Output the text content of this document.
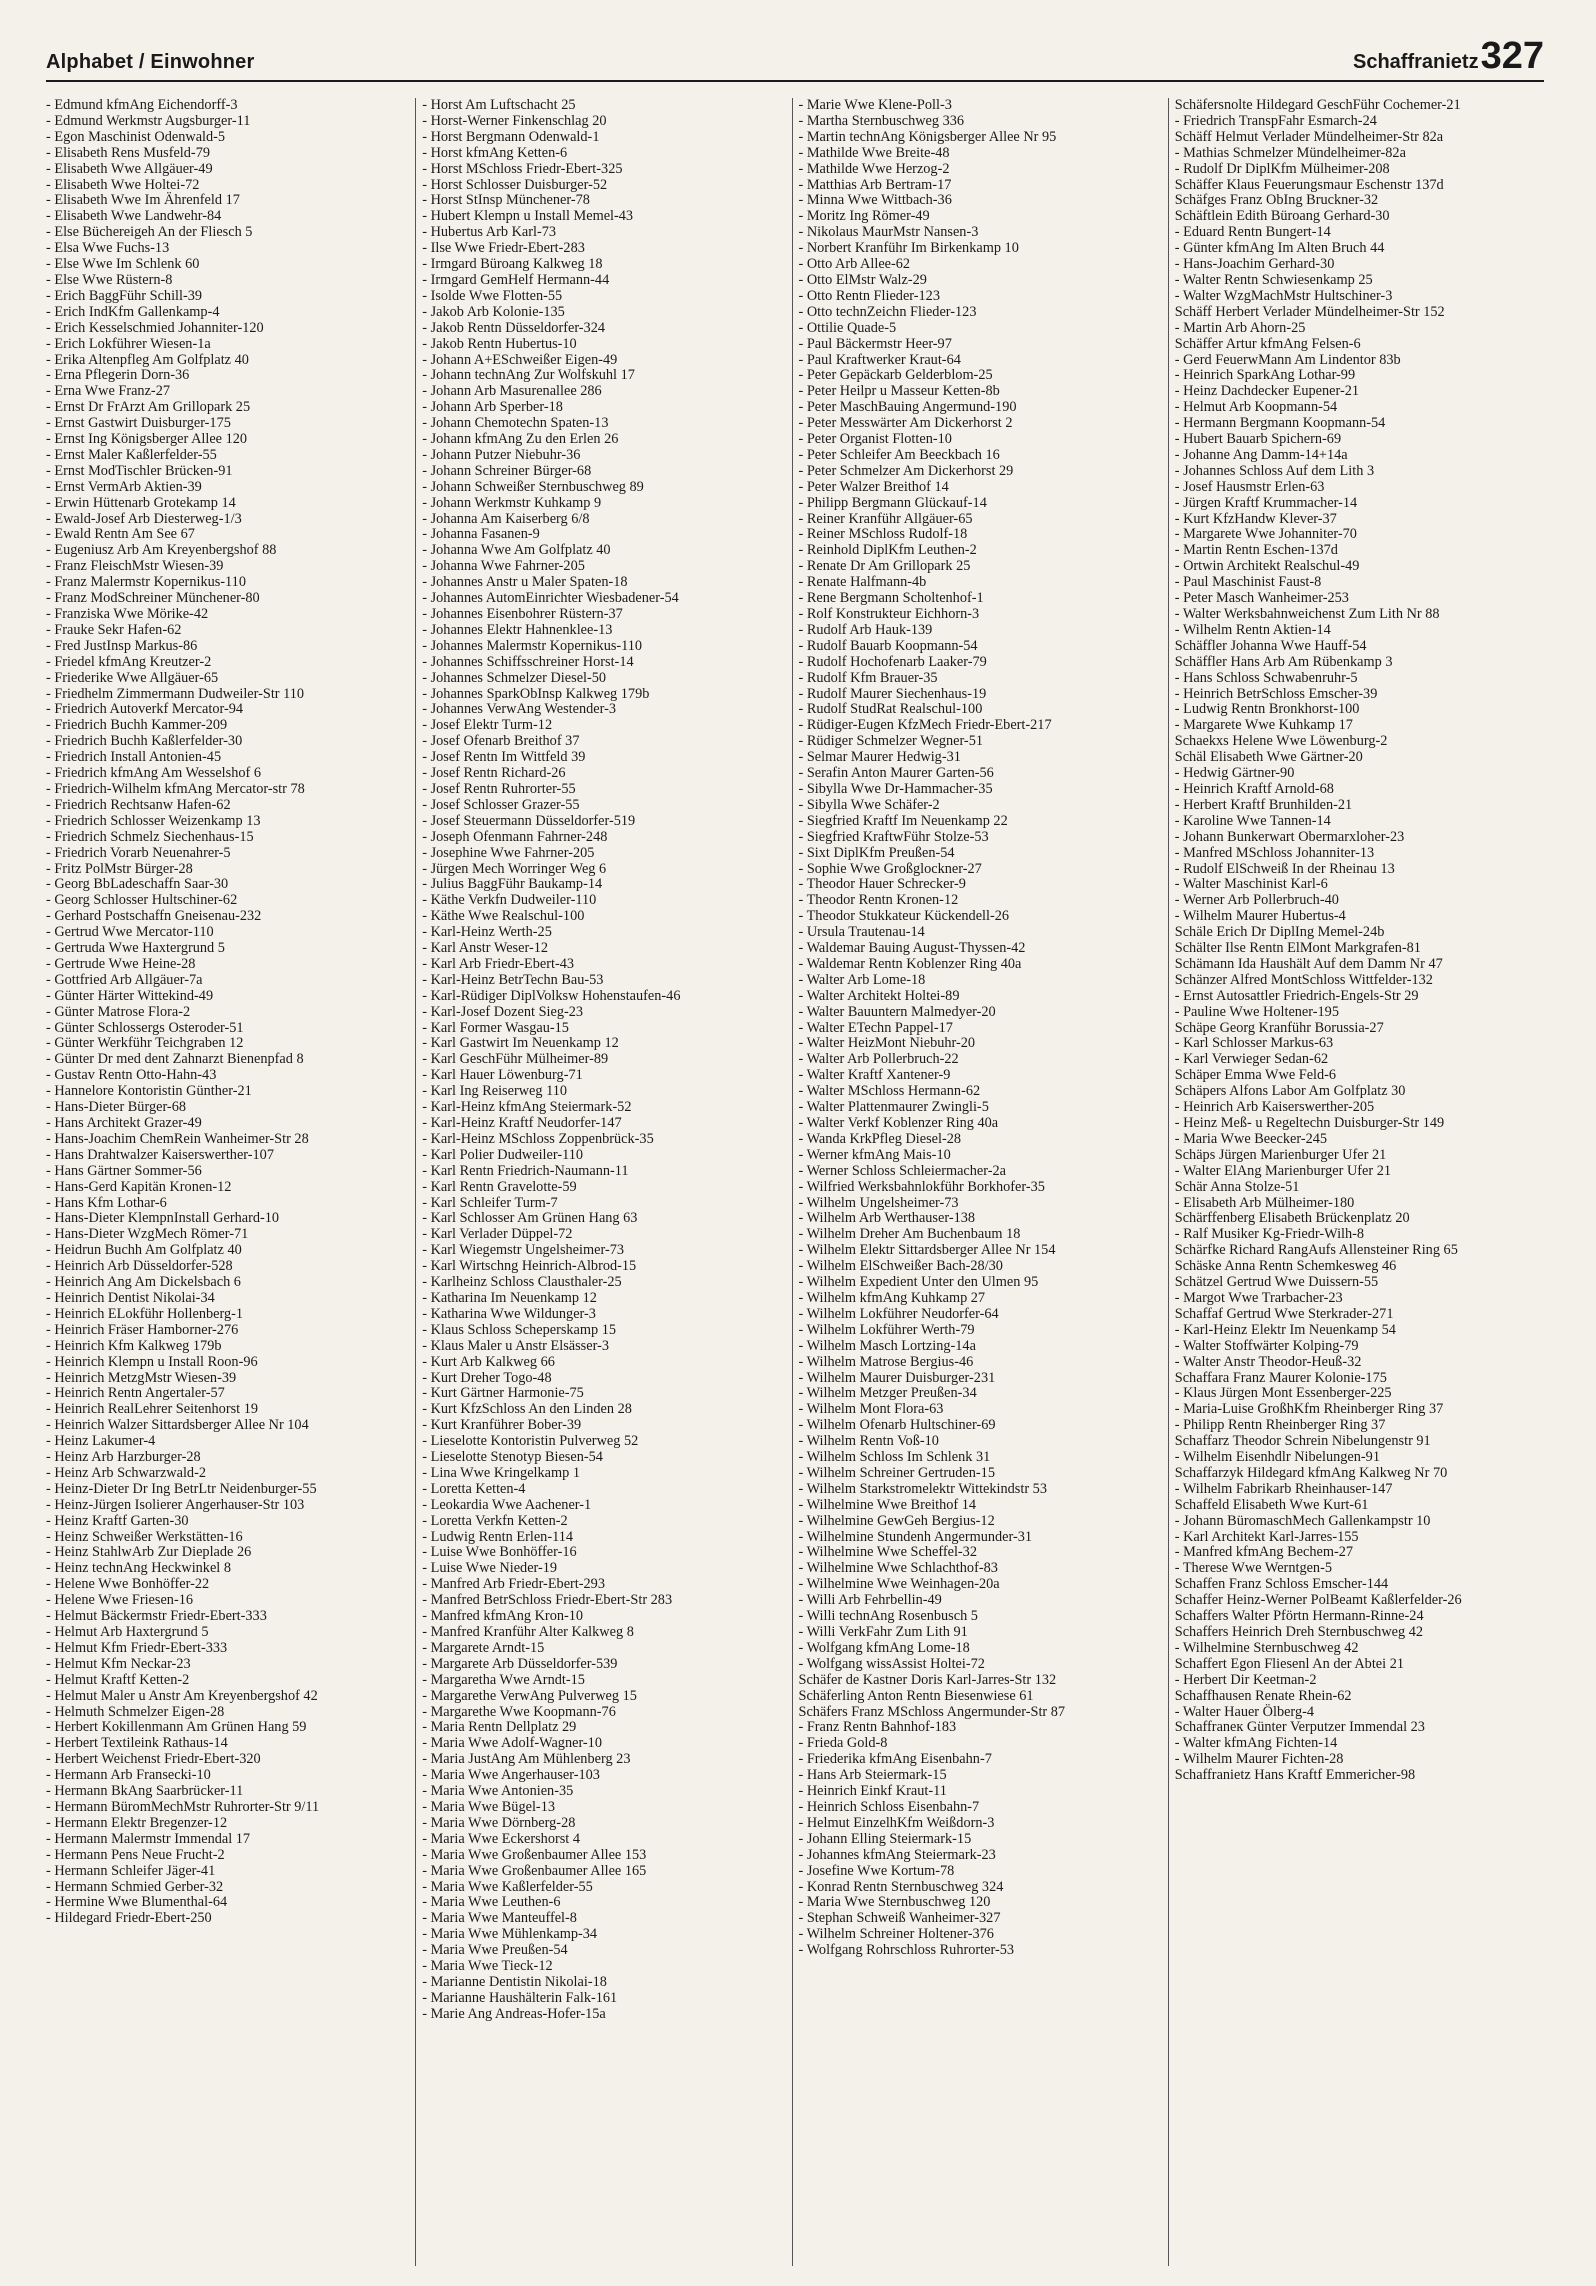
Alphabet / Einwohner	Schaffranietz327
- Edmund kfmAng Eichendorff-3
- Edmund Werkmstr Augsburger-11
- Egon Maschinist Odenwald-5
- Elisabeth Rens Musfeld-79
- Elisabeth Wwe Allgäuer-49
- Elisabeth Wwe Holtei-72
- Elisabeth Wwe Im Ährenfeld 17
- Elisabeth Wwe Landwehr-84
- Else Büchereigeh An der Fliesch 5
- Elsa Wwe Fuchs-13
- Else Wwe Im Schlenk 60
- Else Wwe Rüstern-8
- Erich BaggFühr Schill-39
- Erich IndKfm Gallenkamp-4
- Erich Kesselschmied Johanniter-120
- Erich Lokführer Wiesen-1a
- Erika Altenpfleg Am Golfplatz 40
- Erna Pflegerin Dorn-36
- Erna Wwe Franz-27
- Ernst Dr FrArzt Am Grillopark 25
- Ernst Gastwirt Duisburger-175
- Ernst Ing Königsberger Allee 120
- Ernst Maler Kaßlerfelder-55
- Ernst ModTischler Brücken-91
- Ernst VermArb Aktien-39
- Erwin Hüttenarb Grotekamp 14
- Ewald-Josef Arb Diesterweg-1/3
- Ewald Rentn Am See 67
- Eugeniusz Arb Am Kreyenbergshof 88
- Franz FleischMstr Wiesen-39
- Franz Malermstr Kopernikus-110
- Franz ModSchreiner Münchener-80
- Franziska Wwe Mörike-42
- Frauke Sekr Hafen-62
- Fred JustInsp Markus-86
- Friedel kfmAng Kreutzer-2
- Friederike Wwe Allgäuer-65
- Friedhelm Zimmermann Dudweiler-Str 110
- Friedrich Autoverkf Mercator-94
- Friedrich Buchh Kammer-209
- Friedrich Buchh Kaßlerfelder-30
- Friedrich Install Antonien-45
- Friedrich kfmAng Am Wesselshof 6
- Friedrich-Wilhelm kfmAng Mercator-str 78
- Friedrich Rechtsanw Hafen-62
- Friedrich Schlosser Weizenkamp 13
- Friedrich Schmelz Siechenhaus-15
- Friedrich Vorarb Neuenahrer-5
- Fritz PolMstr Bürger-28
- Georg BbLadeschaffn Saar-30
- Georg Schlosser Hultschiner-62
- Gerhard Postschaffn Gneisenau-232
- Gertrud Wwe Mercator-110
- Gertruda Wwe Haxtergrund 5
- Gertrude Wwe Heine-28
- Gottfried Arb Allgäuer-7a
- Günter Härter Wittekind-49
- Günter Matrose Flora-2
- Günter Schlossergs Osteroder-51
- Günter Werkführ Teichgraben 12
- Günter Dr med dent Zahnarzt Bienenpfad 8
- Gustav Rentn Otto-Hahn-43
- Hannelore Kontoristin Günther-21
- Hans-Dieter Bürger-68
- Hans Architekt Grazer-49
- Hans-Joachim ChemRein Wanheimer-Str 28
- Hans Drahtwalzer Kaiserswerther-107
- Hans Gärtner Sommer-56
- Hans-Gerd Kapitän Kronen-12
- Hans Kfm Lothar-6
- Hans-Dieter KlempnInstall Gerhard-10
- Hans-Dieter WzgMech Römer-71
- Heidrun Buchh Am Golfplatz 40
- Heinrich Arb Düsseldorfer-528
- Heinrich Ang Am Dickelsbach 6
- Heinrich Dentist Nikolai-34
- Heinrich ELokführ Hollenberg-1
- Heinrich Fräser Hamborner-276
- Heinrich Kfm Kalkweg 179b
- Heinrich Klempn u Install Roon-96
- Heinrich MetzgMstr Wiesen-39
- Heinrich Rentn Angertaler-57
- Heinrich RealLehrer Seitenhorst 19
- Heinrich Walzer Sittardsberger Allee Nr 104
- Heinz Lakumer-4
- Heinz Arb Harzburger-28
- Heinz Arb Schwarzwald-2
- Heinz-Dieter Dr Ing BetrLtr Neidenburger-55
- Heinz-Jürgen Isolierer Angerhauser-Str 103
- Heinz Kraftf Garten-30
- Heinz Schweißer Werkstätten-16
- Heinz StahlwArb Zur Dieplade 26
- Heinz technAng Heckwinkel 8
- Helene Wwe Bonhöffer-22
- Helene Wwe Friesen-16
- Helmut Bäckermstr Friedr-Ebert-333
- Helmut Arb Haxtergrund 5
- Helmut Kfm Friedr-Ebert-333
- Helmut Kfm Neckar-23
- Helmut Kraftf Ketten-2
- Helmut Maler u Anstr Am Kreyenbergshof 42
- Helmuth Schmelzer Eigen-28
- Herbert Kokillenmann Am Grünen Hang 59
- Herbert Textileink Rathaus-14
- Herbert Weichenst Friedr-Ebert-320
- Hermann Arb Fransecki-10
- Hermann BkAng Saarbrücker-11
- Hermann BüromMechMstr Ruhrorter-Str 9/11
- Hermann Elektr Bregenzer-12
- Hermann Malermstr Immendal 17
- Hermann Pens Neue Frucht-2
- Hermann Schleifer Jäger-41
- Hermann Schmied Gerber-32
- Hermine Wwe Blumenthal-64
- Hildegard Friedr-Ebert-250
- Horst Am Luftschacht 25
- Horst-Werner Finkenschlag 20
- Horst Bergmann Odenwald-1
- Horst kfmAng Ketten-6
- Horst MSchloss Friedr-Ebert-325
- Horst Schlosser Duisburger-52
- Horst StInsp Münchener-78
- Hubert Klempn u Install Memel-43
- Hubertus Arb Karl-73
- Ilse Wwe Friedr-Ebert-283
- Irmgard Büroang Kalkweg 18
- Irmgard GemHelf Hermann-44
- Isolde Wwe Flotten-55
- Jakob Arb Kolonie-135
- Jakob Rentn Düsseldorfer-324
- Jakob Rentn Hubertus-10
- Johann A+ESchweißer Eigen-49
- Johann technAng Zur Wolfskuhl 17
- Johann Arb Masurenallee 286
- Johann Arb Sperber-18
- Johann Chemotechn Spaten-13
- Johann kfmAng Zu den Erlen 26
- Johann Putzer Niebuhr-36
- Johann Schreiner Bürger-68
- Johann Schweißer Sternbuschweg 89
- Johann Werkmstr Kuhkamp 9
- Johanna Am Kaiserberg 6/8
- Johanna Fasanen-9
- Johanna Wwe Am Golfplatz 40
- Johanna Wwe Fahrner-205
- Johannes Anstr u Maler Spaten-18
- Johannes AutomEinrichter Wiesbadener-54
- Johannes Eisenbohrer Rüstern-37
- Johannes Elektr Hahnenklee-13
- Johannes Malermstr Kopernikus-110
- Johannes Schiffsschreiner Horst-14
- Johannes Schmelzer Diesel-50
- Johannes SparkObInsp Kalkweg 179b
- Johannes VerwAng Westender-3
- Josef Elektr Turm-12
- Josef Ofenarb Breithof 37
- Josef Rentn Im Wittfeld 39
- Josef Rentn Richard-26
- Josef Rentn Ruhrorter-55
- Josef Schlosser Grazer-55
- Josef Steuermann Düsseldorfer-519
- Joseph Ofenmann Fahrner-248
- Josephine Wwe Fahrner-205
- Jürgen Mech Worringer Weg 6
- Julius BaggFühr Baukamp-14
- Käthe Verkfn Dudweiler-110
- Käthe Wwe Realschul-100
- Karl-Heinz Werth-25
- Karl Anstr Weser-12
- Karl Arb Friedr-Ebert-43
- Karl-Heinz BetrTechn Bau-53
- Karl-Rüdiger DiplVolksw Hohenstaufen-46
- Karl-Josef Dozent Sieg-23
- Karl Former Wasgau-15
- Karl Gastwirt Im Neuenkamp 12
- Karl GeschFühr Mülheimer-89
- Karl Hauer Löwenburg-71
- Karl Ing Reiserweg 110
- Karl-Heinz kfmAng Steiermark-52
- Karl-Heinz Kraftf Neudorfer-147
- Karl-Heinz MSchloss Zoppenbrück-35
- Karl Polier Dudweiler-110
- Karl Rentn Friedrich-Naumann-11
- Karl Rentn Gravelotte-59
- Karl Schleifer Turm-7
- Karl Schlosser Am Grünen Hang 63
- Karl Verlader Düppel-72
- Karl Wiegemstr Ungelsheimer-73
- Karl Wirtschng Heinrich-Albrod-15
- Karlheinz Schloss Clausthaler-25
- Katharina Im Neuenkamp 12
- Katharina Wwe Wildunger-3
- Klaus Schloss Scheperskamp 15
- Klaus Maler u Anstr Elsässer-3
- Kurt Arb Kalkweg 66
- Kurt Dreher Togo-48
- Kurt Gärtner Harmonie-75
- Kurt KfzSchloss An den Linden 28
- Kurt Kranführer Bober-39
- Lieselotte Kontoristin Pulverweg 52
- Lieselotte Stenotyp Biesen-54
- Lina Wwe Kringelkamp 1
- Loretta Ketten-4
- Leokardia Wwe Aachener-1
- Loretta Verkfn Ketten-2
- Ludwig Rentn Erlen-114
- Luise Wwe Bonhöffer-16
- Luise Wwe Nieder-19
- Manfred Arb Friedr-Ebert-293
- Manfred BetrSchloss Friedr-Ebert-Str 283
- Manfred kfmAng Kron-10
- Manfred Kranführ Alter Kalkweg 8
- Margarete Arndt-15
- Margarete Arb Düsseldorfer-539
- Margaretha Wwe Arndt-15
- Margarethe VerwAng Pulverweg 15
- Margarethe Wwe Koopmann-76
- Maria Rentn Dellplatz 29
- Maria Wwe Adolf-Wagner-10
- Maria JustAng Am Mühlenberg 23
- Maria Wwe Angerhauser-103
- Maria Wwe Antonien-35
- Maria Wwe Bügel-13
- Maria Wwe Dörnberg-28
- Maria Wwe Eckershorst 4
- Maria Wwe Großenbaumer Allee 153
- Maria Wwe Großenbaumer Allee 165
- Maria Wwe Kaßlerfelder-55
- Maria Wwe Leuthen-6
- Maria Wwe Manteuffel-8
- Maria Wwe Mühlenkamp-34
- Maria Wwe Preußen-54
- Maria Wwe Tieck-12
- Marianne Dentistin Nikolai-18
- Marianne Haushälterin Falk-161
- Marie Ang Andreas-Hofer-15a
- Marie Wwe Klene-Poll-3
- Martha Sternbuschweg 336
- Martin technAng Königsberger Allee Nr 95
- Mathilde Wwe Breite-48
- Mathilde Wwe Herzog-2
- Matthias Arb Bertram-17
- Minna Wwe Wittbach-36
- Moritz Ing Römer-49
- Nikolaus MaurMstr Nansen-3
- Norbert Kranführ Im Birkenkamp 10
- Otto Arb Allee-62
- Otto ElMstr Walz-29
- Otto Rentn Flieder-123
- Otto technZeichn Flieder-123
- Ottilie Quade-5
- Paul Bäckermstr Heer-97
- Paul Kraftwerker Kraut-64
- Peter Gepäckarb Gelderblom-25
- Peter Heilpr u Masseur Ketten-8b
- Peter MaschBauing Angermund-190
- Peter Messwärter Am Dickerhorst 2
- Peter Organist Flotten-10
- Peter Schleifer Am Beeckbach 16
- Peter Schmelzer Am Dickerhorst 29
- Peter Walzer Breithof 14
- Philipp Bergmann Glückauf-14
- Reiner Kranführ Allgäuer-65
- Reiner MSchloss Rudolf-18
- Reinhold DiplKfm Leuthen-2
- Renate Dr Am Grillopark 25
- Renate Halfmann-4b
- Rene Bergmann Scholtenhof-1
- Rolf Konstrukteur Eichhorn-3
- Rudolf Arb Hauk-139
- Rudolf Bauarb Koopmann-54
- Rudolf Hochofenarb Laaker-79
- Rudolf Kfm Brauer-35
- Rudolf Maurer Siechenhaus-19
- Rudolf StudRat Realschul-100
- Rüdiger-Eugen KfzMech Friedr-Ebert-217
- Rüdiger Schmelzer Wegner-51
- Selmar Maurer Hedwig-31
- Serafin Anton Maurer Garten-56
- Sibylla Wwe Dr-Hammacher-35
- Sibylla Wwe Schäfer-2
- Siegfried Kraftf Im Neuenkamp 22
- Siegfried KraftwFühr Stolze-53
- Sixt DiplKfm Preußen-54
- Sophie Wwe Großglockner-27
- Theodor Hauer Schrecker-9
- Theodor Rentn Kronen-12
- Theodor Stukkateur Kückendell-26
- Ursula Trautenau-14
- Waldemar Bauing August-Thyssen-42
- Waldemar Rentn Koblenzer Ring 40a
- Walter Arb Lome-18
- Walter Architekt Holtei-89
- Walter Bauuntern Malmedyer-20
- Walter ETechn Pappel-17
- Walter HeizMont Niebuhr-20
- Walter Arb Pollerbruch-22
- Walter Kraftf Xantener-9
- Walter MSchloss Hermann-62
- Walter Plattenmaurer Zwingli-5
- Walter Verkf Koblenzer Ring 40a
- Wanda KrkPfleg Diesel-28
- Werner kfmAng Mais-10
- Werner Schloss Schleiermacher-2a
- Wilfried Werksbahnlokführ Borkhofer-35
- Wilhelm Ungelsheimer-73
- Wilhelm Arb Werthauser-138
- Wilhelm Dreher Am Buchenbaum 18
- Wilhelm Elektr Sittardsberger Allee Nr 154
- Wilhelm ElSchweißer Bach-28/30
- Wilhelm Expedient Unter den Ulmen 95
- Wilhelm kfmAng Kuhkamp 27
- Wilhelm Lokführer Neudorfer-64
- Wilhelm Lokführer Werth-79
- Wilhelm Masch Lortzing-14a
- Wilhelm Matrose Bergius-46
- Wilhelm Maurer Duisburger-231
- Wilhelm Metzger Preußen-34
- Wilhelm Mont Flora-63
- Wilhelm Ofenarb Hultschiner-69
- Wilhelm Rentn Voß-10
- Wilhelm Schloss Im Schlenk 31
- Wilhelm Schreiner Gertruden-15
- Wilhelm Starkstromelektr Wittekindstr 53
- Wilhelmine Wwe Breithof 14
- Wilhelmine GewGeh Bergius-12
- Wilhelmine Stundenh Angermunder-31
- Wilhelmine Wwe Scheffel-32
- Wilhelmine Wwe Schlachthof-83
- Wilhelmine Wwe Weinhagen-20a
- Willi Arb Fehrbellin-49
- Willi technAng Rosenbusch 5
- Willi VerkFahr Zum Lith 91
- Wolfgang kfmAng Lome-18
- Wolfgang wissAssist Holtei-72
Schäfer de Kastner Doris Karl-Jarres-Str 132
Schäferling Anton Rentn Biesenwiese 61
Schäfers Franz MSchloss Angermunder-Str 87
- Franz Rentn Bahnhof-183
- Frieda Gold-8
- Friederika kfmAng Eisenbahn-7
- Hans Arb Steiermark-15
- Heinrich Einkf Kraut-11
- Heinrich Schloss Eisenbahn-7
- Helmut EinzelhKfm Weißdorn-3
- Johann Elling Steiermark-15
- Johannes kfmAng Steiermark-23
- Josefine Wwe Kortum-78
- Konrad Rentn Sternbuschweg 324
- Maria Wwe Sternbuschweg 120
- Stephan Schweiß Wanheimer-327
- Wilhelm Schreiner Holtener-376
- Wolfgang Rohrschloss Ruhrorter-53
Schäfersnolte Hildegard GeschFühr Cochemer-21
- Friedrich TranspFahr Esmarch-24
Schäff Helmut Verlader Mündelheimer-Str 82a
- Mathias Schmelzer Mündelheimer-82a
- Rudolf Dr DiplKfm Mülheimer-208
Schäffer Klaus Feuerungsmaur Eschenstr 137d
Schäfges Franz ObIng Bruckner-32
Schäftlein Edith Büroang Gerhard-30
- Eduard Rentn Bungert-14
- Günter kfmAng Im Alten Bruch 44
- Hans-Joachim Gerhard-30
- Walter Rentn Schwiesenkamp 25
- Walter WzgMachMstr Hultschiner-3
Schäff Herbert Verlader Mündelheimer-Str 152
- Martin Arb Ahorn-25
Schäffer Artur kfmAng Felsen-6
- Gerd FeuerwMann Am Lindentor 83b
- Heinrich SparkAng Lothar-99
- Heinz Dachdecker Eupener-21
- Helmut Arb Koopmann-54
- Hermann Bergmann Koopmann-54
- Hubert Bauarb Spichern-69
- Johanne Ang Damm-14+14a
- Johannes Schloss Auf dem Lith 3
- Josef Hausmstr Erlen-63
- Jürgen Kraftf Krummacher-14
- Kurt KfzHandw Klever-37
- Margarete Wwe Johanniter-70
- Martin Rentn Eschen-137d
- Ortwin Architekt Realschul-49
- Paul Maschinist Faust-8
- Peter Masch Wanheimer-253
- Walter Werksbahnweichenst Zum Lith Nr 88
- Wilhelm Rentn Aktien-14
Schäffler Johanna Wwe Hauff-54
Schäffler Hans Arb Am Rübenkamp 3
- Hans Schloss Schwabenruhr-5
- Heinrich BetrSchloss Emscher-39
- Ludwig Rentn Bronkhorst-100
- Margarete Wwe Kuhkamp 17
Schaekxs Helene Wwe Löwenburg-2
Schäl Elisabeth Wwe Gärtner-20
- Hedwig Gärtner-90
- Heinrich Kraftf Arnold-68
- Herbert Kraftf Brunhilden-21
- Karoline Wwe Tannen-14
- Johann Bunkerwart Obermarxloher-23
- Manfred MSchloss Johanniter-13
- Rudolf ElSchweiß In der Rheinau 13
- Walter Maschinist Karl-6
- Werner Arb Pollerbruch-40
- Wilhelm Maurer Hubertus-4
Schäle Erich Dr DiplIng Memel-24b
Schälter Ilse Rentn ElMont Markgrafen-81
Schämann Ida Haushält Auf dem Damm Nr 47
Schänzer Alfred MontSchloss Wittfelder-132
- Ernst Autosattler Friedrich-Engels-Str 29
- Pauline Wwe Holtener-195
Schäpe Georg Kranführ Borussia-27
- Karl Schlosser Markus-63
- Karl Verwieger Sedan-62
Schäper Emma Wwe Feld-6
Schäpers Alfons Labor Am Golfplatz 30
- Heinrich Arb Kaiserswerther-205
- Heinz Meß- u Regeltechn Duisburger-Str 149
- Maria Wwe Beecker-245
Schäps Jürgen Marienburger Ufer 21
- Walter ElAng Marienburger Ufer 21
Schär Anna Stolze-51
- Elisabeth Arb Mülheimer-180
Schärffenberg Elisabeth Brückenplatz 20
- Ralf Musiker Kg-Friedr-Wilh-8
Schärfke Richard RangAufs Allensteiner Ring 65
Schäske Anna Rentn Schemkesweg 46
Schätzel Gertrud Wwe Duissern-55
- Margot Wwe Trarbacher-23
Schaffaf Gertrud Wwe Sterkrader-271
- Karl-Heinz Elektr Im Neuenkamp 54
- Walter Stoffwärter Kolping-79
- Walter Anstr Theodor-Heuß-32
Schaffara Franz Maurer Kolonie-175
- Klaus Jürgen Mont Essenberger-225
- Maria-Luise GroßhKfm Rheinberger Ring 37
- Philipp Rentn Rheinberger Ring 37
Schaffarz Theodor Schrein Nibelungenstr 91
- Wilhelm Eisenhdlr Nibelungen-91
Schaffarzyk Hildegard kfmAng Kalkweg Nr 70
- Wilhelm Fabrikarb Rheinhauser-147
Schaffeld Elisabeth Wwe Kurt-61
- Johann BüromaschMech Gallenkampstr 10
- Karl Architekt Karl-Jarres-155
- Manfred kfmAng Bechem-27
- Therese Wwe Werntgen-5
Schaffen Franz Schloss Emscher-144
Schaffer Heinz-Werner PolBeamt Kaßlerfelder-26
Schaffers Walter Pförtn Hermann-Rinne-24
Schaffers Heinrich Dreh Sternbuschweg 42
- Wilhelmine Sternbuschweg 42
Schaffert Egon Fliesenl An der Abtei 21
- Herbert Dir Keetman-2
Schaffhausen Renate Rhein-62
- Walter Hauer Ölberg-4
Schaffraneк Günter Verputzer Immendal 23
- Walter kfmAng Fichten-14
- Wilhelm Maurer Fichten-28
Schaffranietz Hans Kraftf Emmericher-98
